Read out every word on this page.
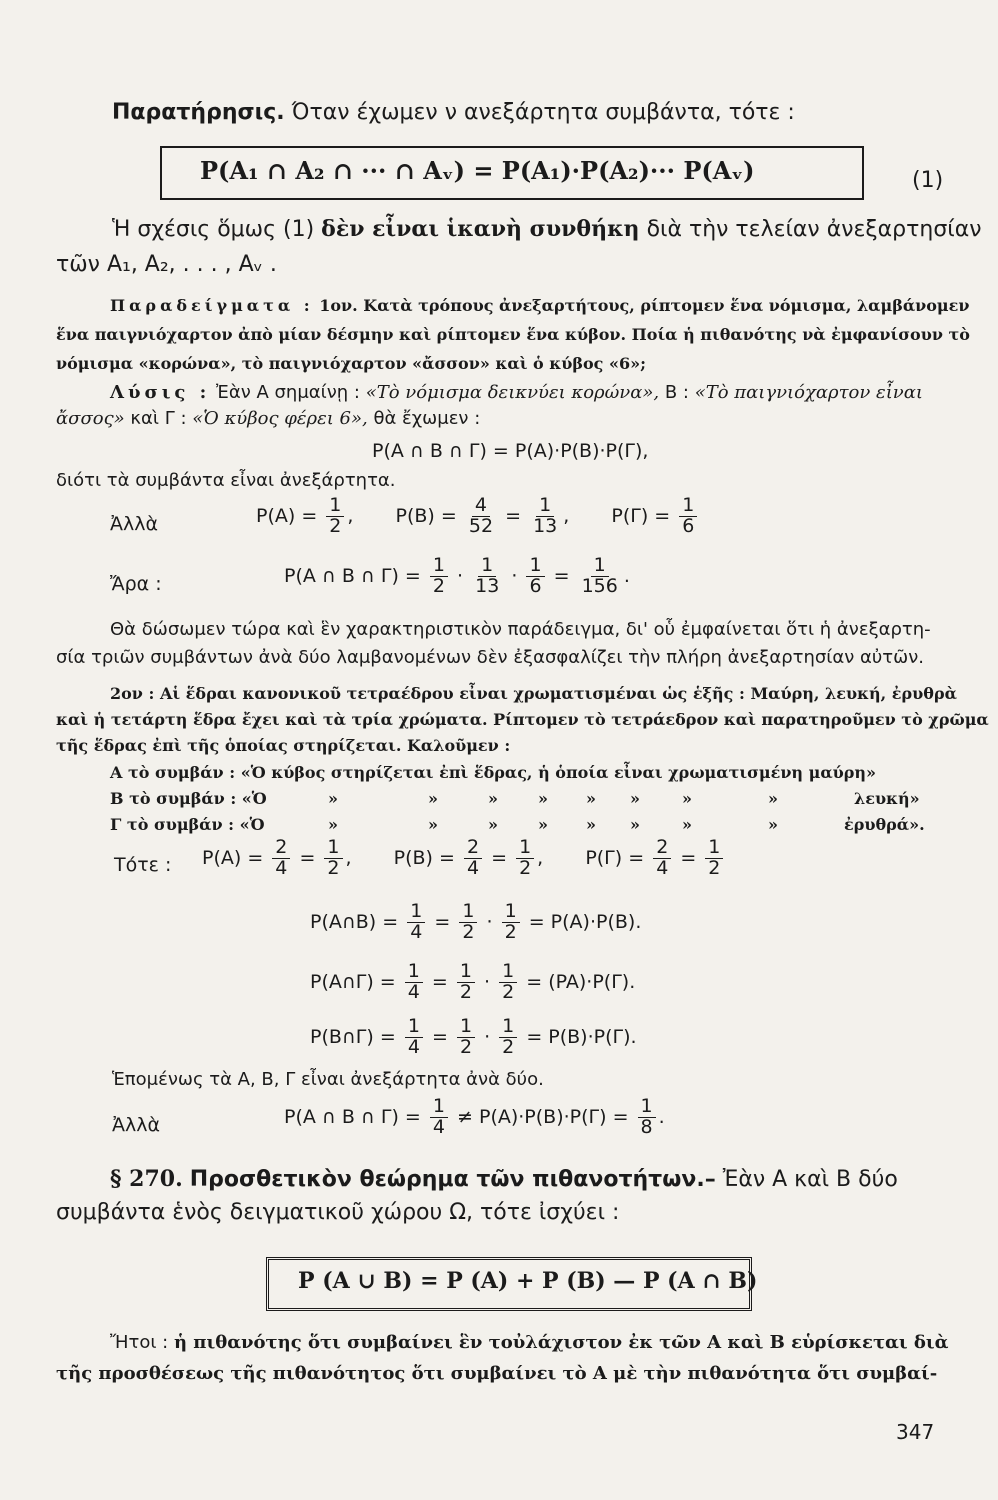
Παρατήρησις. Όταν έχωμεν ν ανεξάρτητα συμβάντα, τότε :
P(A₁ ∩ A₂ ∩ ··· ∩ Aᵥ) = P(A₁)·P(A₂)··· P(Aᵥ)	(1)
Ἡ σχέσις ὅμως (1) δὲν εἶναι ἱκανὴ συνθήκη διὰ τὴν τελείαν ἀνεξαρτησίαν
τῶν A₁, A₂, . . . , Aᵥ .
Παραδείγματα : 1ον. Κατὰ τρόπους ἀνεξαρτήτους, ρίπτομεν ἕνα νόμισμα, λαμβάνομεν
ἕνα παιγνιόχαρτον ἀπὸ μίαν δέσμην καὶ ρίπτομεν ἕνα κύβον. Ποία ἡ πιθανότης νὰ ἐμφανίσουν τὸ
νόμισμα «κορώνα», τὸ παιγνιόχαρτον «ἄσσον» καὶ ὁ κύβος «6»;
Λύσις : Ἐὰν A σημαίνῃ : «Τὸ νόμισμα δεικνύει κορώνα», B : «Τὸ παιγνιόχαρτον εἶναι
ἄσσος» καὶ Γ : «Ὁ κύβος φέρει 6», θὰ ἔχωμεν :
P(A ∩ B ∩ Γ) = P(A)·P(B)·P(Γ),
διότι τὰ συμβάντα εἶναι ἀνεξάρτητα.
Ἀλλὰ	$P(A) = \frac{1}{2}$ , $P(B) = \frac{4}{52} = \frac{1}{13}$ , $P(\Gamma) = \frac{1}{6}$
Ἄρα :	P(A ∩ B ∩ $\Gamma) = \frac{1}{2} \cdot \frac{1}{13} \cdot \frac{1}{6} = \frac{1}{156}$ .
Θὰ δώσωμεν τώρα καὶ ἓν χαρακτηριστικὸν παράδειγμα, δι' οὗ ἐμφαίνεται ὅτι ἡ ἀνεξαρτη-
σία τριῶν συμβάντων ἀνὰ δύο λαμβανομένων δὲν ἐξασφαλίζει τὴν πλήρη ἀνεξαρτησίαν αὐτῶν.
2ον : Αἱ ἕδραι κανονικοῦ τετραέδρου εἶναι χρωματισμέναι ὡς ἑξῆς : Μαύρη, λευκή, ἐρυθρὰ
καὶ ἡ τετάρτη ἕδρα ἔχει καὶ τὰ τρία χρώματα. Ρίπτομεν τὸ τετράεδρον καὶ παρατηροῦμεν τὸ χρῶμα
τῆς ἕδρας ἐπὶ τῆς ὁποίας στηρίζεται. Καλοῦμεν :
A τὸ συμβάν : «Ὁ κύβος στηρίζεται ἐπὶ ἕδρας, ἡ ὁποία εἶναι χρωματισμένη μαύρη»
B τὸ συμβάν : «Ὁ	»	»	»	» » »	»	»	λευκή»
Γ τὸ συμβάν : «Ὁ	»	»	»	» » »	»	»	ἐρυθρά».
Τότε : $P(A) = \frac{2}{4} = \frac{1}{2}$ , $P(B) = \frac{2}{4} = \frac{1}{2}$ , $P(\Gamma) = \frac{2}{4} = \frac{1}{2}$
P(A∩B) = $\frac{1}{4} = \frac{1}{2} \cdot \frac{1}{2} = P(A)\cdot P(B)$.
P(A∩Γ) = $\frac{1}{4} = \frac{1}{2} \cdot \frac{1}{2} = (PA)\cdot P(\Gamma)$.
P(B∩Γ) = $\frac{1}{4} = \frac{1}{2} \cdot \frac{1}{2} = P(B)\cdot P(\Gamma)$.
Ἑπομένως τὰ A, B, Γ εἶναι ἀνεξάρτητα ἀνὰ δύο.
Ἀλλὰ	P(A ∩ B ∩ $\Gamma) = \frac{1}{4} \ne P(A)\cdot P(B)\cdot P(\Gamma) = \frac{1}{8}$ .
§ 270. Προσθετικὸν θεώρημα τῶν πιθανοτήτων.– Ἐὰν A καὶ B δύο
συμβάντα ἑνὸς δειγματικοῦ χώρου Ω, τότε ἰσχύει :
P (A ∪ B) = P (A) + P (B) — P (A ∩ B)
Ἤτοι : ἡ πιθανότης ὅτι συμβαίνει ἓν τοὐλάχιστον ἐκ τῶν A καὶ B εὑρίσκεται διὰ
τῆς προσθέσεως τῆς πιθανότητος ὅτι συμβαίνει τὸ A μὲ τὴν πιθανότητα ὅτι συμβαί-
347
